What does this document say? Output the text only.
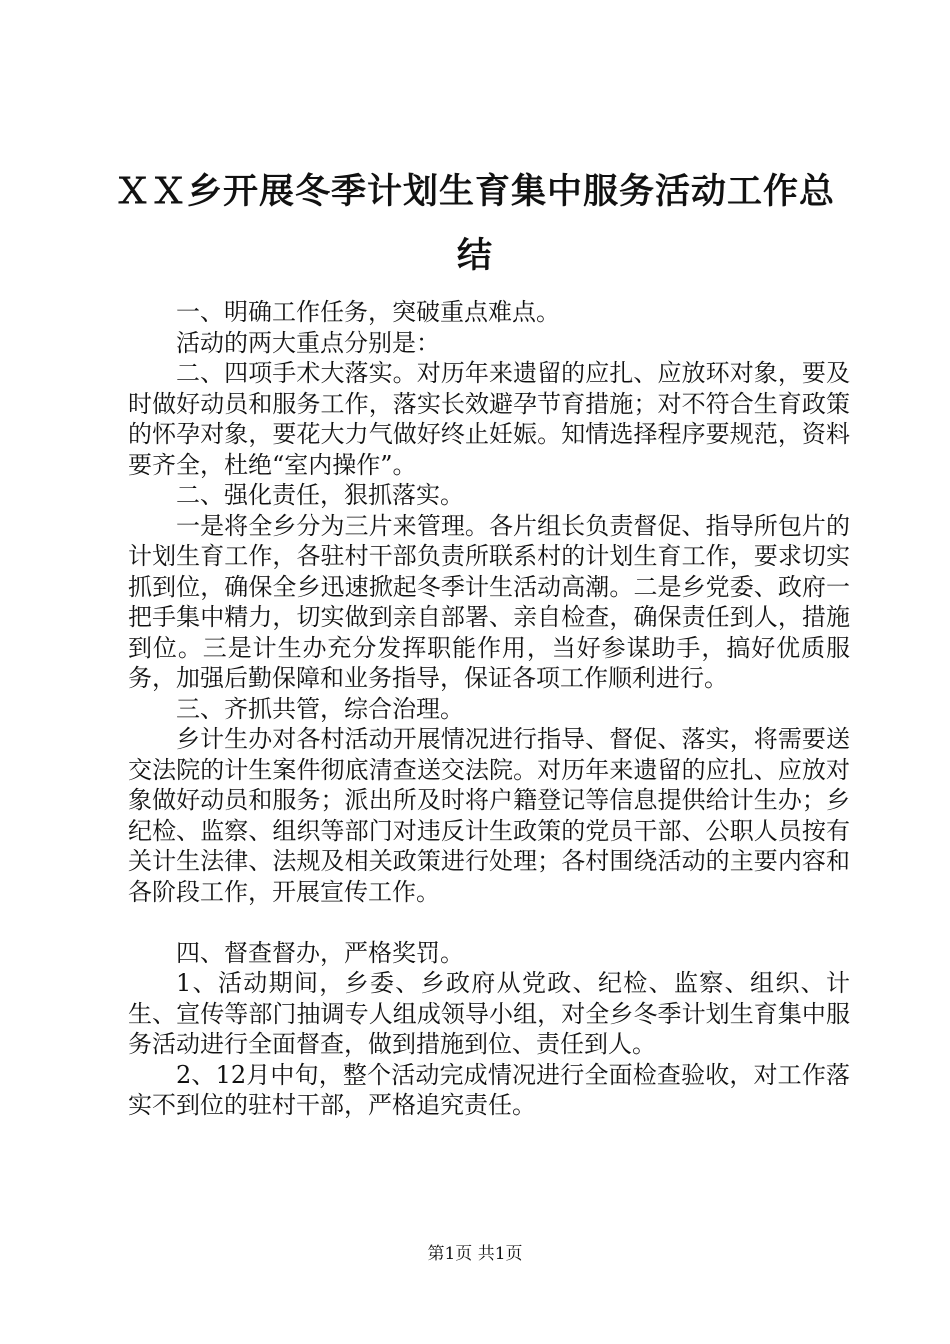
ＸＸ乡开展冬季计划生育集中服务活动工作总结

一、明确工作任务，突破重点难点。

活动的两大重点分别是：

二、四项手术大落实。对历年来遗留的应扎、应放环对象，要及时做好动员和服务工作，落实长效避孕节育措施；对不符合生育政策的怀孕对象，要花大力气做好终止妊娠。知情选择程序要规范，资料要齐全，杜绝“室内操作”。

二、强化责任，狠抓落实。

一是将全乡分为三片来管理。各片组长负责督促、指导所包片的计划生育工作，各驻村干部负责所联系村的计划生育工作，要求切实抓到位，确保全乡迅速掀起冬季计生活动高潮。二是乡党委、政府一把手集中精力，切实做到亲自部署、亲自检查，确保责任到人，措施到位。三是计生办充分发挥职能作用，当好参谋助手，搞好优质服务，加强后勤保障和业务指导，保证各项工作顺利进行。

三、齐抓共管，综合治理。

乡计生办对各村活动开展情况进行指导、督促、落实，将需要送交法院的计生案件彻底清查送交法院。对历年来遗留的应扎、应放对象做好动员和服务；派出所及时将户籍登记等信息提供给计生办；乡纪检、监察、组织等部门对违反计生政策的党员干部、公职人员按有关计生法律、法规及相关政策进行处理；各村围绕活动的主要内容和各阶段工作，开展宣传工作。

四、督查督办，严格奖罚。

1、活动期间，乡委、乡政府从党政、纪检、监察、组织、计生、宣传等部门抽调专人组成领导小组，对全乡冬季计划生育集中服务活动进行全面督查，做到措施到位、责任到人。

2、12月中旬，整个活动完成情况进行全面检查验收，对工作落实不到位的驻村干部，严格追究责任。

第1页 共1页
